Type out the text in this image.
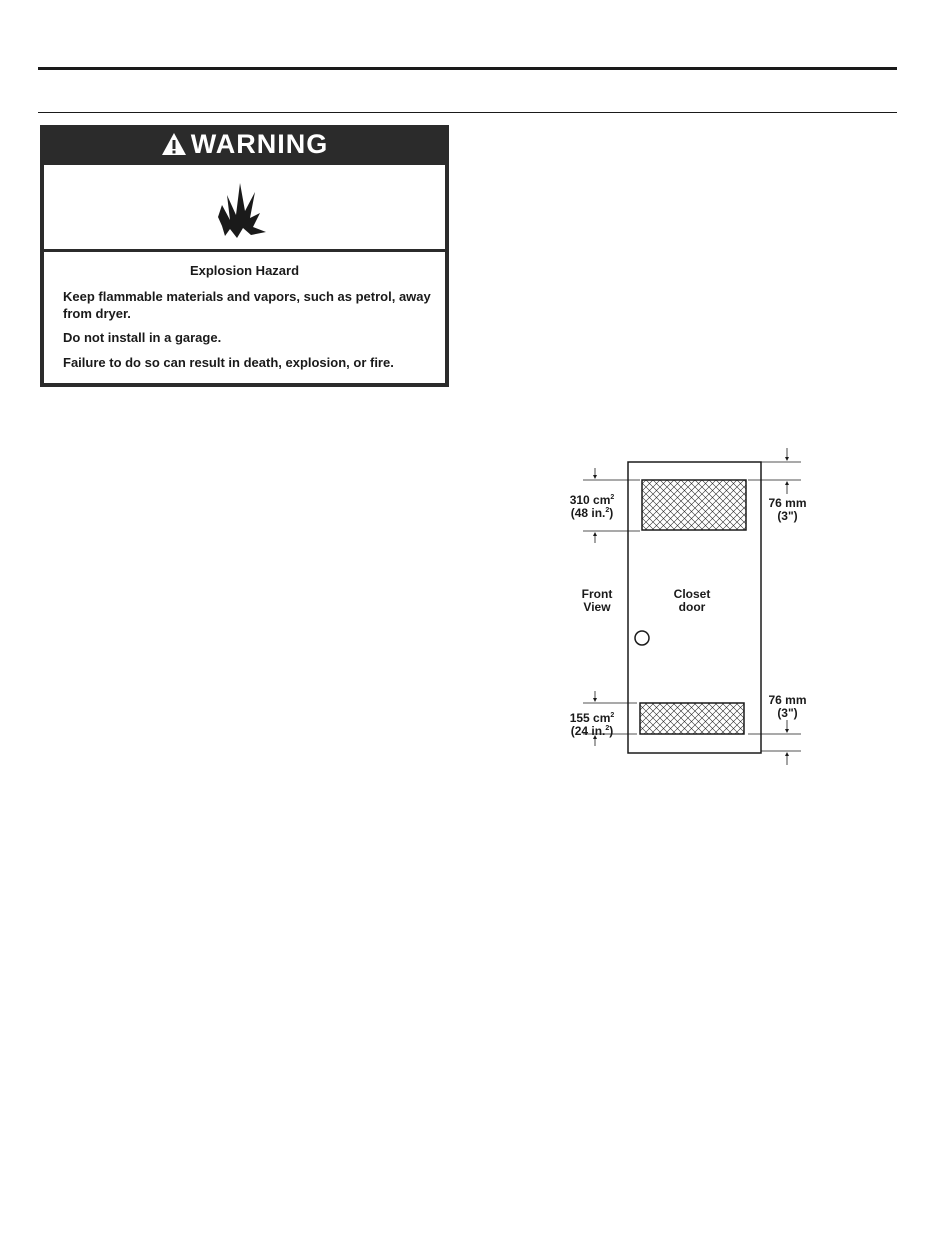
WARNING
Explosion Hazard
Keep flammable materials and vapors, such as petrol, away from dryer.
Do not install in a garage.
Failure to do so can result in death, explosion, or fire.
310 $cm^2$
(48 in.$^2$)
155 $cm^2$
(24 in.$^2$)
76 mm
(3")
76 mm
(3")
Front
View
Closet
door
